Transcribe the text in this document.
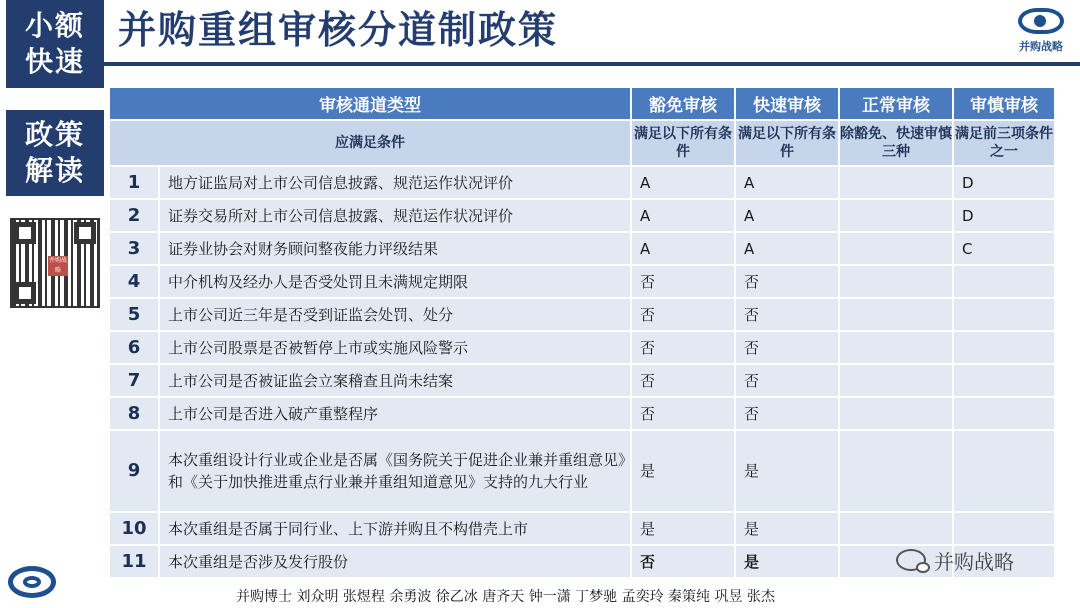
小额
快速
政策
解读
并购战略
并购重组审核分道制政策	并购战略
审核通道类型		豁免审核	快速审核	正常审核	审慎审核
应满足条件		满足以下所有条件	满足以下所有条件	除豁免、快速审慎三种	满足前三项条件之一
1	地方证监局对上市公司信息披露、规范运作状况评价	A	A		D
2	证券交易所对上市公司信息披露、规范运作状况评价	A	A		D
3	证券业协会对财务顾问整夜能力评级结果	A	A		C
4	中介机构及经办人是否受处罚且未满规定期限	否	否		
5	上市公司近三年是否受到证监会处罚、处分	否	否		
6	上市公司股票是否被暂停上市或实施风险警示	否	否		
7	上市公司是否被证监会立案稽查且尚未结案	否	否		
8	上市公司是否进入破产重整程序	否	否		
9	本次重组设计行业或企业是否属《国务院关于促进企业兼并重组意见》和《关于加快推进重点行业兼并重组知道意见》支持的九大行业	是	是		
10	本次重组是否属于同行业、上下游并购且不构借壳上市	是	是		
11	本次重组是否涉及发行股份	否	是			并购战略
并购博士 刘众明 张煜程 余勇波 徐乙冰 唐齐天 钟一潇 丁梦驰 孟奕玲 秦策纯 巩昱 张杰
